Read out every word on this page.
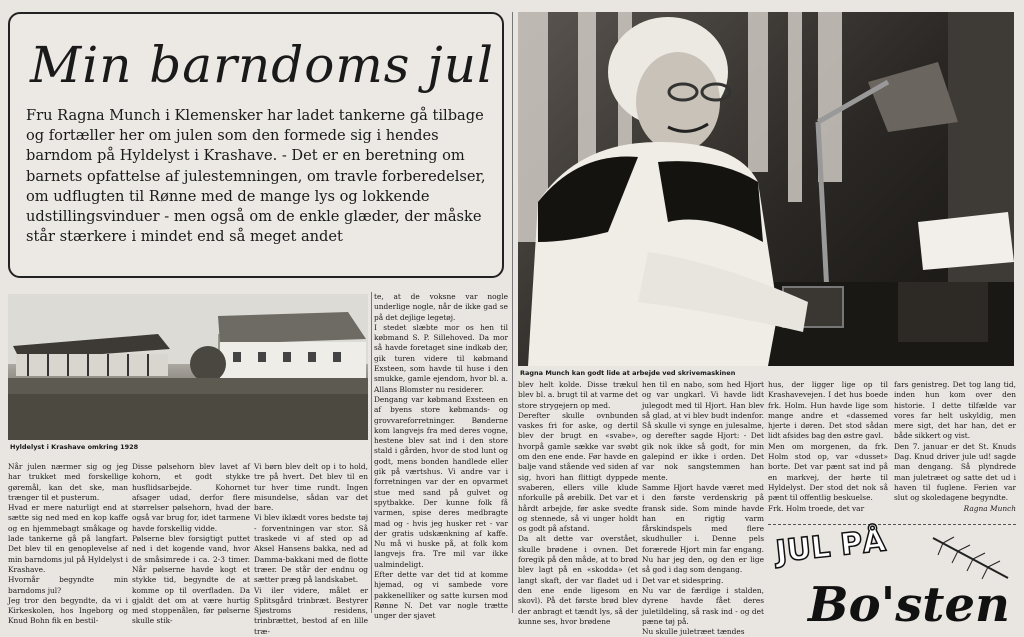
Min barndoms jul

Fru Ragna Munch i Klemensker har ladet tankerne gå tilbage og fortæller her om julen som den formede sig i hendes barndom på Hyldelyst i Krashave. - Det er en beretning om barnets opfattelse af julestemningen, om travle forberedelser, om udflugten til Rønne med de mange lys og lokkende udstillingsvinduer - men også om de enkle glæder, der måske står stærkere i mindet end så meget andet

Hyldelyst i Krashave omkring 1928
Ragna Munch kan godt lide at arbejde ved skrivemaskinen

Når julen nærmer sig og jeg har trukket med forskellige gøremål, kan det ske, man trænger til et pusterum.

Hvad er mere naturligt end at sætte sig ned med en kop kaffe og en hjemmebagt småkage og lade tankerne gå på langfart. Det blev til en genoplevelse af min barndoms jul på Hyldelyst i Krashave.

Hvornår begyndte min barndoms jul?

Jeg tror den begyndte, da vi i Kirkeskolen, hos Ingeborg og Knud Bohn fik en bestil-

Disse pølsehorn blev lavet af kohorn, et godt stykke husflidsarbejde. Kohornet afsager udad, derfor flere størrelser pølsehorn, hvad der også var brug for, idet tarmene havde forskellig vidde.

Pølserne blev forsigtigt puttet ned i det kogende vand, hvor de småsimrede i ca. 2-3 timer. Når pølserne havde kogt et stykke tid, begyndte de at komme op til overfladen. Da gjaldt det om at være hurtig med stoppenålen, før pølserne skulle stik-

Vi børn blev delt op i to hold, tre på hvert. Det blev til en tur hver time rundt. Ingen misundelse, sådan var det bare.

Vi blev iklædt vores bedste tøj - forventningen var stor. Så traskede vi af sted op ad Aksel Hansens bakka, ned ad Damma-bakkani med de flotte træer. De står der endnu og sætter præg på landskabet.

Vi iler videre, målet er Splitsgård trinbræt. Bestyrer Sjøstroms residens, trinbrættet, bestod af en lille træ-

te, at de voksne var nogle underlige nogle, når de ikke gad se på det dejlige legetøj.

I stedet slæbte mor os hen til købmand S. P. Sillehoved. Da mor så havde foretaget sine indkøb der, gik turen videre til købmand Exsteen, som havde til huse i den smukke, gamle ejendom, hvor bl. a. Allans Blomster nu residerer.

Dengang var købmand Exsteen en af byens store købmands- og grovvareforretninger. Bønderne kom langvejs fra med deres vogne, hestene blev sat ind i den store stald i gården, hvor de stod lunt og godt, mens bonden handlede eller gik på værtshus. Vi andre var i forretningen var der en opvarmet stue med sand på gulvet og spytbakke. Der kunne folk få varmen, spise deres medbragte mad og - hvis jeg husker ret - var der gratis udskænkning af kaffe. Nu må vi huske på, at folk kom langvejs fra. Tre mil var ikke ualmindeligt.

Efter dette var det tid at komme hjemad, og vi sambede vore pakkenelliker og satte kursen mod Rønne N. Det var nogle trætte unger der sjavet

blev helt kolde. Disse trækul blev bl. a. brugt til at varme det store strygejern op med.

Derefter skulle ovnbunden vaskes fri for aske, og dertil blev der brugt en «svabe», hvorpå gamle sække var svøbt om den ene ende. Før havde en balje vand stående ved siden af sig, hvori han flittigt dyppede svaberen, ellers ville klude nforkulle på ørebilk. Det var et hårdt arbejde, før aske svedte og stennede, så vi unger holdt os godt på afstand.

Da alt dette var overstået, skulle brødene i ovnen. Det foregik på den måde, at to brød blev lagt på en «skodda» (et langt skaft, der var fladet ud i den ene ende ligesom en skovl). På det første brød blev der anbragt et tændt lys, så der kunne ses, hvor brødene

hen til en nabo, som hed Hjort og var ungkarl. Vi havde lidt julegodt med til Hjort. Han blev så glad, at vi blev budt indenfor. Så skulle vi synge en julesalme, og derefter sagde Hjort: - Det gik nok ikke så godt, for min galepind er ikke i orden. Det var nok sangstemmen han mente.

Samme Hjort havde været med i den første verdenskrig på fransk side. Som minde havde han en rigtig varm fårskindspels med flere skudhuller i. Denne pels forærede Hjort min far engang. Nu har jeg den, og den er lige så god i dag som dengang.

Det var et sidespring.

Nu var de færdige i stalden, dyrene havde fået deres juletildeling, så rask ind - og det pæne tøj på.

Nu skulle juletræet tændes

hus, der ligger lige op til Krashavevejen. I det hus boede frk. Holm. Hun havde lige som mange andre et «dassemed hjerte i døren. Det stod sådan lidt afsides bag den østre gavl.

Men om morgenen, da frk. Holm stod op, var «dusset» borte. Det var pænt sat ind på en markvej, der hørte til Hyldelyst. Der stod det nok så pænt til offentlig beskuelse.

Frk. Holm troede, det var

fars genistreg. Det tog lang tid, inden hun kom over den historie. I dette tilfælde var vores far helt uskyldig, men mere sigt, det har han, det er både sikkert og vist.

Den 7. januar er det St. Knuds Dag. Knud driver jule ud! sagde man dengang. Så plyndrede man juletræet og satte det ud i haven til fuglene. Ferien var slut og skoledagene begyndte.

Ragna Munch
JUL PÅ
Bo'sten
